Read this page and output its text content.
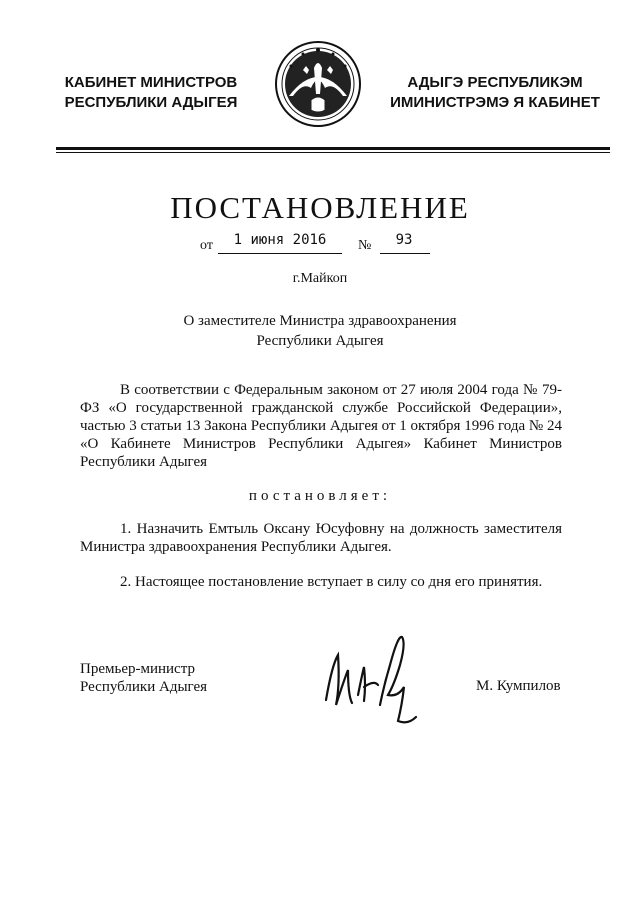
КАБИНЕТ МИНИСТРОВ
РЕСПУБЛИКИ АДЫГЕЯ
АДЫГЭ РЕСПУБЛИКЭМ
ИМИНИСТРЭМЭ Я КАБИНЕТ
ПОСТАНОВЛЕНИЕ
от	1 июня 2016	№	93
г.Майкоп
О заместителе Министра здравоохранения
Республики Адыгея
В соответствии с Федеральным законом от 27 июля 2004 года № 79-ФЗ «О государственной гражданской службе Российской Федерации», частью 3 статьи 13 Закона Республики Адыгея от 1 октября 1996 года № 24 «О Кабинете Министров Республики Адыгея» Кабинет Министров Республики Адыгея
постановляет:
1. Назначить Емтыль Оксану Юсуфовну на должность заместителя Министра здравоохранения Республики Адыгея.
2. Настоящее постановление вступает в силу со дня его принятия.
Премьер-министр
Республики Адыгея	М. Кумпилов
